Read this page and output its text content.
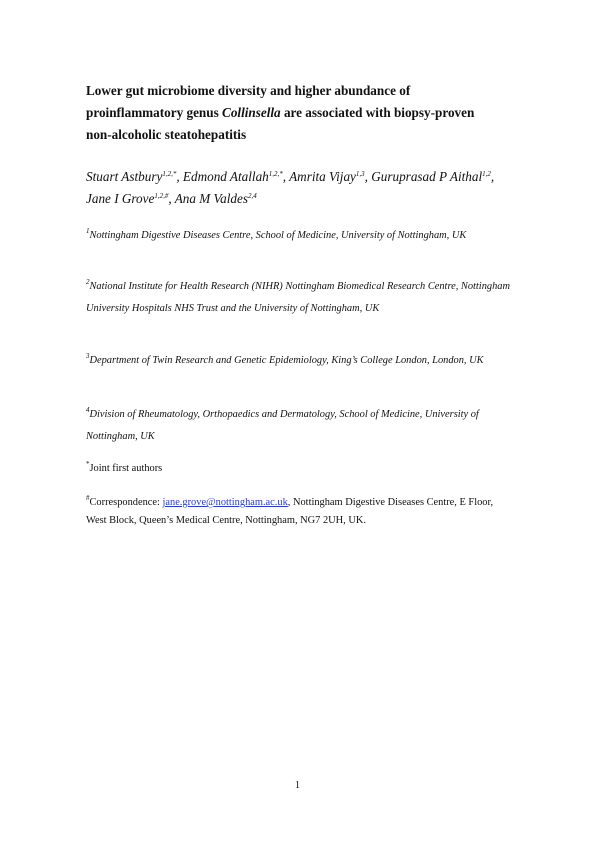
Lower gut microbiome diversity and higher abundance of
proinflammatory genus Collinsella are associated with biopsy-proven
non-alcoholic steatohepatitis
Stuart Astbury$^{1,2,*}$, Edmond Atallah$^{1,2,*}$, Amrita Vijay$^{1,3}$, Guruprasad P Aithal$^{1,2}$, Jane I Grove$^{1,2,\#}$, Ana M Valdes$^{2,4}$
$^1$Nottingham Digestive Diseases Centre, School of Medicine, University of Nottingham, UK
$^2$National Institute for Health Research (NIHR) Nottingham Biomedical Research Centre, Nottingham University Hospitals NHS Trust and the University of Nottingham, UK
$^3$Department of Twin Research and Genetic Epidemiology, King’s College London, London, UK
$^4$Division of Rheumatology, Orthopaedics and Dermatology, School of Medicine, University of Nottingham, UK
*Joint first authors
#Correspondence: jane.grove@nottingham.ac.uk, Nottingham Digestive Diseases Centre, E Floor, West Block, Queen’s Medical Centre, Nottingham, NG7 2UH, UK.
1
